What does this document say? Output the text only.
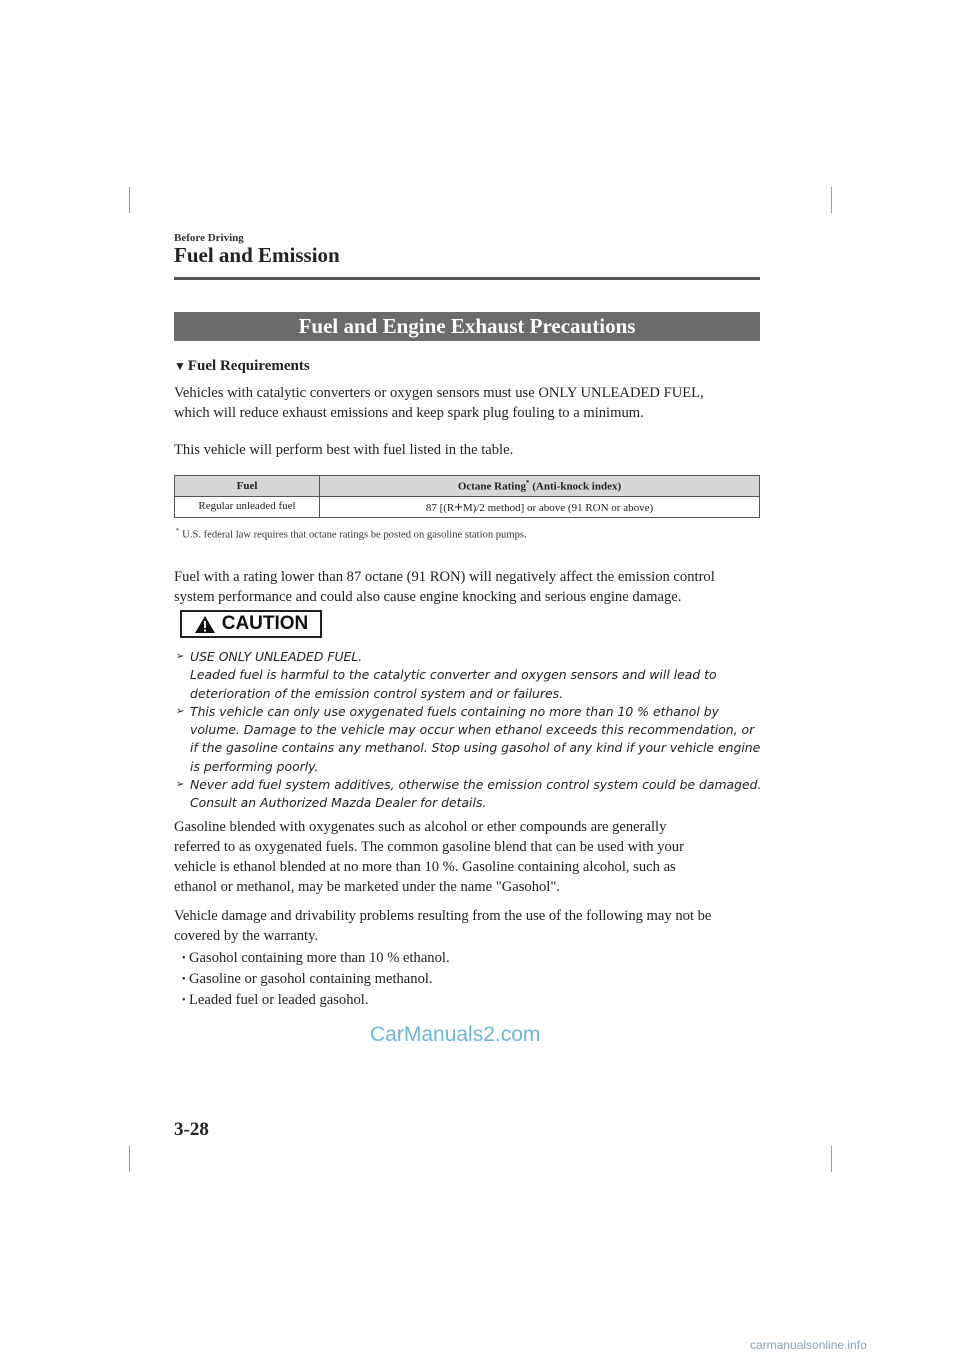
Before Driving
Fuel and Emission
Fuel and Engine Exhaust Precautions
▼ Fuel Requirements
Vehicles with catalytic converters or oxygen sensors must use ONLY UNLEADED FUEL,
which will reduce exhaust emissions and keep spark plug fouling to a minimum.
This vehicle will perform best with fuel listed in the table.
Fuel	Octane Rating* (Anti-knock index)
Regular unleaded fuel	87 [(R+M)/2 method] or above (91 RON or above)
* U.S. federal law requires that octane ratings be posted on gasoline station pumps.
Fuel with a rating lower than 87 octane (91 RON) will negatively affect the emission control
system performance and could also cause engine knocking and serious engine damage.
CAUTION
➢ USE ONLY UNLEADED FUEL.
Leaded fuel is harmful to the catalytic converter and oxygen sensors and will lead to
deterioration of the emission control system and or failures.
➢ This vehicle can only use oxygenated fuels containing no more than 10 % ethanol by
volume. Damage to the vehicle may occur when ethanol exceeds this recommendation, or
if the gasoline contains any methanol. Stop using gasohol of any kind if your vehicle engine
is performing poorly.
➢ Never add fuel system additives, otherwise the emission control system could be damaged.
Consult an Authorized Mazda Dealer for details.
Gasoline blended with oxygenates such as alcohol or ether compounds are generally
referred to as oxygenated fuels. The common gasoline blend that can be used with your
vehicle is ethanol blended at no more than 10 %. Gasoline containing alcohol, such as
ethanol or methanol, may be marketed under the name "Gasohol".
Vehicle damage and drivability problems resulting from the use of the following may not be
covered by the warranty.
• Gasohol containing more than 10 % ethanol.
• Gasoline or gasohol containing methanol.
• Leaded fuel or leaded gasohol.
CarManuals2.com
3-28
carmanualsonline.info
